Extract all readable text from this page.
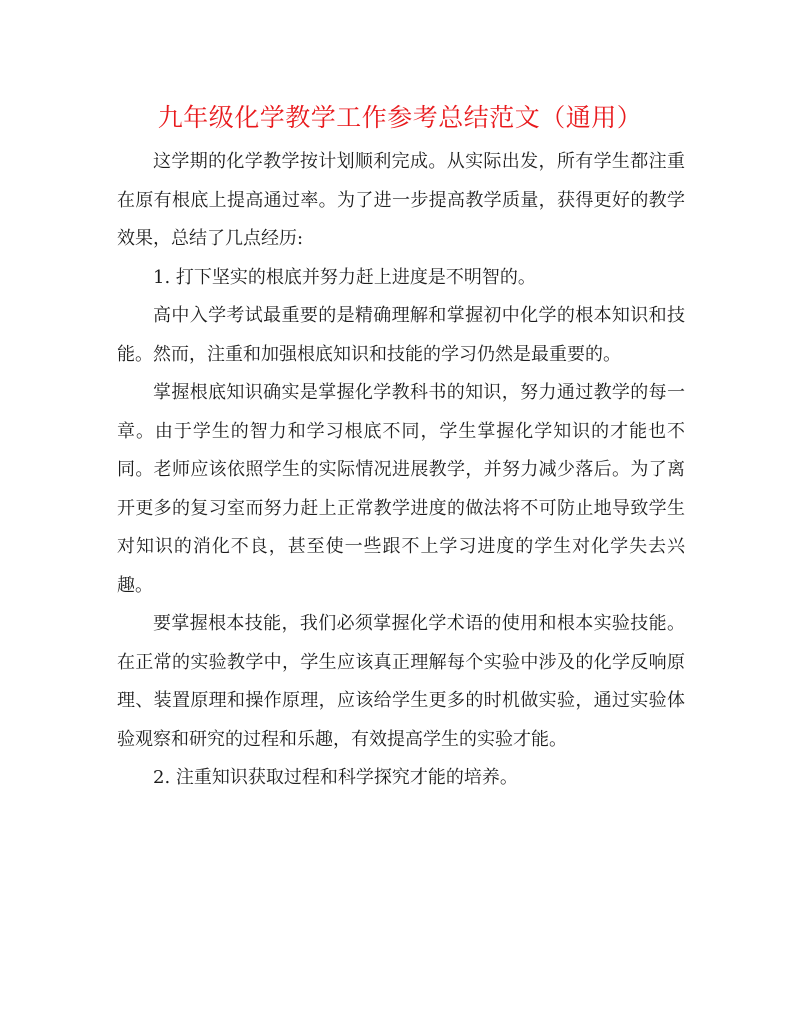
九年级化学教学工作参考总结范文（通用）

这学期的化学教学按计划顺利完成。从实际出发，所有学生都注重在原有根底上提高通过率。为了进一步提高教学质量，获得更好的教学效果，总结了几点经历:

1. 打下坚实的根底并努力赶上进度是不明智的。

高中入学考试最重要的是精确理解和掌握初中化学的根本知识和技能。然而，注重和加强根底知识和技能的学习仍然是最重要的。

掌握根底知识确实是掌握化学教科书的知识，努力通过教学的每一章。由于学生的智力和学习根底不同，学生掌握化学知识的才能也不同。老师应该依照学生的实际情况进展教学，并努力减少落后。为了离开更多的复习室而努力赶上正常教学进度的做法将不可防止地导致学生对知识的消化不良，甚至使一些跟不上学习进度的学生对化学失去兴趣。

要掌握根本技能，我们必须掌握化学术语的使用和根本实验技能。在正常的实验教学中，学生应该真正理解每个实验中涉及的化学反响原理、装置原理和操作原理，应该给学生更多的时机做实验，通过实验体验观察和研究的过程和乐趣，有效提高学生的实验才能。

2. 注重知识获取过程和科学探究才能的培养。
